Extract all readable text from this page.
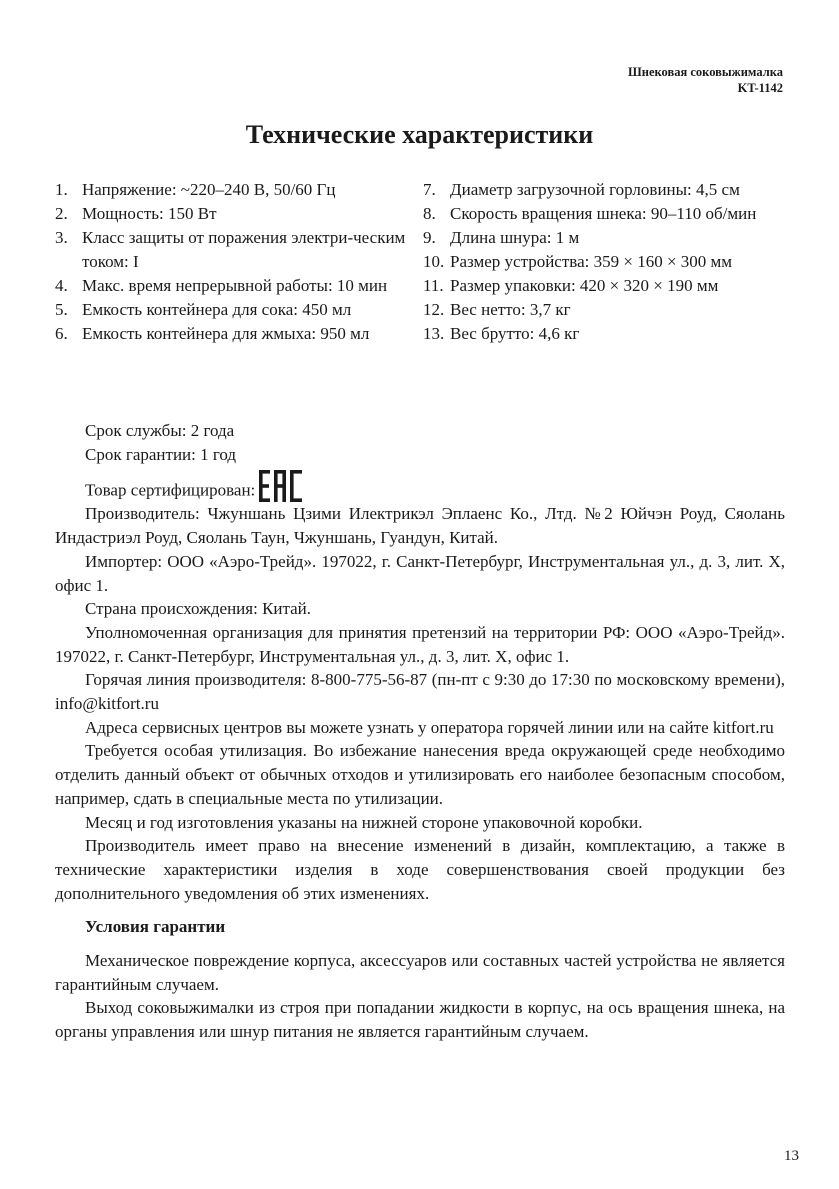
Шнековая соковыжималка
KT-1142
Технические характеристики
1. Напряжение: ~220–240 В, 50/60 Гц
2. Мощность: 150 Вт
3. Класс защиты от поражения электри-ческим током: I
4. Макс. время непрерывной работы: 10 мин
5. Емкость контейнера для сока: 450 мл
6. Емкость контейнера для жмыха: 950 мл
7. Диаметр загрузочной горловины: 4,5 см
8. Скорость вращения шнека: 90–110 об/мин
9. Длина шнура: 1 м
10. Размер устройства: 359 × 160 × 300 мм
11. Размер упаковки: 420 × 320 × 190 мм
12. Вес нетто: 3,7 кг
13. Вес брутто: 4,6 кг

Срок службы: 2 года

Срок гарантии: 1 год

Товар сертифицирован:

Производитель: Чжуншань Цзими Илектрикэл Эплаенс Ко., Лтд. №2 Юйчэн Роуд, Сяолань Индастриэл Роуд, Сяолань Таун, Чжуншань, Гуандун, Китай.

Импортер: ООО «Аэро-Трейд». 197022, г. Санкт-Петербург, Инструментальная ул., д. 3, лит. Х, офис 1.

Страна происхождения: Китай.

Уполномоченная организация для принятия претензий на территории РФ: ООО «Аэро-Трейд». 197022, г. Санкт-Петербург, Инструментальная ул., д. 3, лит. Х, офис 1.

Горячая линия производителя: 8-800-775-56-87 (пн-пт с 9:30 до 17:30 по московскому времени), info@kitfort.ru

Адреса сервисных центров вы можете узнать у оператора горячей линии или на сайте kitfort.ru

Требуется особая утилизация. Во избежание нанесения вреда окружающей среде необходимо отделить данный объект от обычных отходов и утилизировать его наиболее безопасным способом, например, сдать в специальные места по утилизации.

Месяц и год изготовления указаны на нижней стороне упаковочной коробки.

Производитель имеет право на внесение изменений в дизайн, комплектацию, а также в технические характеристики изделия в ходе совершенствования своей продукции без дополнительного уведомления об этих изменениях.

Условия гарантии

Механическое повреждение корпуса, аксессуаров или составных частей устройства не является гарантийным случаем.

Выход соковыжималки из строя при попадании жидкости в корпус, на ось вращения шнека, на органы управления или шнур питания не является гарантийным случаем.

13
